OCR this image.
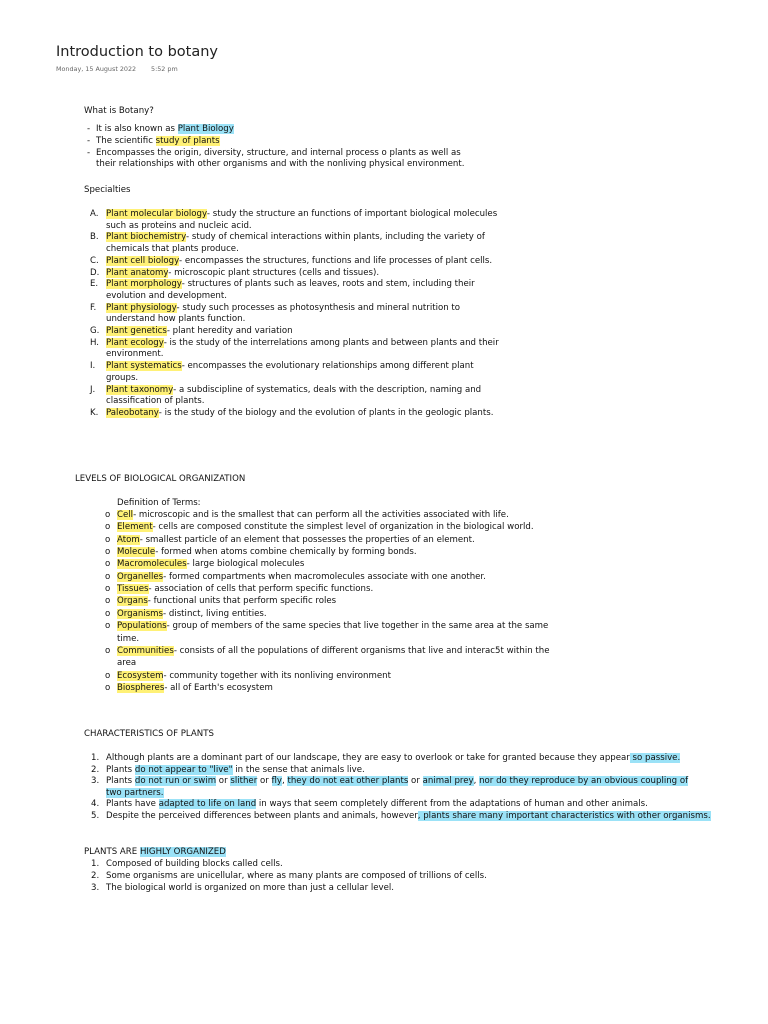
Introduction to botany
Monday, 15 August 2022 5:52 pm
What is Botany?
- It is also known as Plant Biology
- The scientific study of plants
- Encompasses the origin, diversity, structure, and internal process o plants as well as
their relationships with other organisms and with the nonliving physical environment.
Specialties
A. Plant molecular biology- study the structure an functions of important biological molecules
such as proteins and nucleic acid.
B. Plant biochemistry- study of chemical interactions within plants, including the variety of
chemicals that plants produce.
C. Plant cell biology- encompasses the structures, functions and life processes of plant cells.
D. Plant anatomy- microscopic plant structures (cells and tissues).
E. Plant morphology- structures of plants such as leaves, roots and stem, including their
evolution and development.
F. Plant physiology- study such processes as photosynthesis and mineral nutrition to
understand how plants function.
G. Plant genetics- plant heredity and variation
H. Plant ecology- is the study of the interrelations among plants and between plants and their
environment.
I. Plant systematics- encompasses the evolutionary relationships among different plant
groups.
J. Plant taxonomy- a subdiscipline of systematics, deals with the description, naming and
classification of plants.
K. Paleobotany- is the study of the biology and the evolution of plants in the geologic plants.
LEVELS OF BIOLOGICAL ORGANIZATION
Definition of Terms:
o Cell- microscopic and is the smallest that can perform all the activities associated with life.
o Element- cells are composed constitute the simplest level of organization in the biological world.
o Atom- smallest particle of an element that possesses the properties of an element.
o Molecule- formed when atoms combine chemically by forming bonds.
o Macromolecules- large biological molecules
o Organelles- formed compartments when macromolecules associate with one another.
o Tissues- association of cells that perform specific functions.
o Organs- functional units that perform specific roles
o Organisms- distinct, living entities.
o Populations- group of members of the same species that live together in the same area at the same
time.
o Communities- consists of all the populations of different organisms that live and interac5t within the
area
o Ecosystem- community together with its nonliving environment
o Biospheres- all of Earth's ecosystem
CHARACTERISTICS OF PLANTS
1. Although plants are a dominant part of our landscape, they are easy to overlook or take for granted because they appear so passive.
2. Plants do not appear to "live" in the sense that animals live.
3. Plants do not run or swim or slither or fly, they do not eat other plants or animal prey, nor do they reproduce by an obvious coupling of
two partners.
4. Plants have adapted to life on land in ways that seem completely different from the adaptations of human and other animals.
5. Despite the perceived differences between plants and animals, however, plants share many important characteristics with other organisms.
PLANTS ARE HIGHLY ORGANIZED
1. Composed of building blocks called cells.
2. Some organisms are unicellular, where as many plants are composed of trillions of cells.
3. The biological world is organized on more than just a cellular level.
